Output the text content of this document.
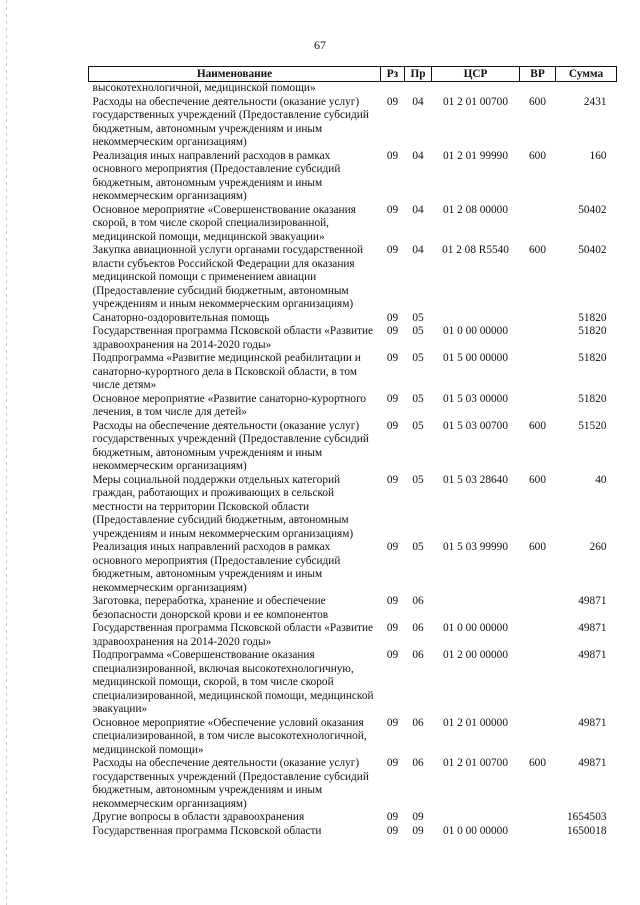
67
Наименование	Рз	Пр	ЦСР	ВР	Сумма
высокотехнологичной, медицинской помощи»					
Расходы на обеспечение деятельности (оказание услуг) государственных учреждений (Предоставление субсидий бюджетным, автономным учреждениям и иным некоммерческим организациям)	09	04	01 2 01 00700	600	2431
Реализация иных направлений расходов в рамках основного мероприятия (Предоставление субсидий бюджетным, автономным учреждениям и иным некоммерческим организациям)	09	04	01 2 01 99990	600	160
Основное мероприятие «Совершенствование оказания скорой, в том числе скорой специализированной, медицинской помощи, медицинской эвакуации»	09	04	01 2 08 00000		50402
Закупка авиационной услуги органами государственной власти субъектов Российской Федерации для оказания медицинской помощи с применением авиации (Предоставление субсидий бюджетным, автономным учреждениям и иным некоммерческим организациям)	09	04	01 2 08 R5540	600	50402
Санаторно-оздоровительная помощь	09	05			51820
Государственная программа Псковской области «Развитие здравоохранения на 2014-2020 годы»	09	05	01 0 00 00000		51820
Подпрограмма «Развитие медицинской реабилитации и санаторно-курортного дела в Псковской области, в том числе детям»	09	05	01 5 00 00000		51820
Основное мероприятие «Развитие санаторно-курортного лечения, в том числе для детей»	09	05	01 5 03 00000		51820
Расходы на обеспечение деятельности (оказание услуг) государственных учреждений (Предоставление субсидий бюджетным, автономным учреждениям и иным некоммерческим организациям)	09	05	01 5 03 00700	600	51520
Меры социальной поддержки отдельных категорий граждан, работающих и проживающих в сельской местности на территории Псковской области (Предоставление субсидий бюджетным, автономным учреждениям и иным некоммерческим организациям)	09	05	01 5 03 28640	600	40
Реализация иных направлений расходов в рамках основного мероприятия (Предоставление субсидий бюджетным, автономным учреждениям и иным некоммерческим организациям)	09	05	01 5 03 99990	600	260
Заготовка, переработка, хранение и обеспечение безопасности донорской крови и ее компонентов	09	06			49871
Государственная программа Псковской области «Развитие здравоохранения на 2014-2020 годы»	09	06	01 0 00 00000		49871
Подпрограмма «Совершенствование оказания специализированной, включая высокотехнологичную, медицинской помощи, скорой, в том числе скорой специализированной, медицинской помощи, медицинской эвакуации»	09	06	01 2 00 00000		49871
Основное мероприятие «Обеспечение условий оказания специализированной, в том числе высокотехнологичной, медицинской помощи»	09	06	01 2 01 00000		49871
Расходы на обеспечение деятельности (оказание услуг) государственных учреждений (Предоставление субсидий бюджетным, автономным учреждениям и иным некоммерческим организациям)	09	06	01 2 01 00700	600	49871
Другие вопросы в области здравоохранения	09	09			1654503
Государственная программа Псковской области	09	09	01 0 00 00000		1650018
